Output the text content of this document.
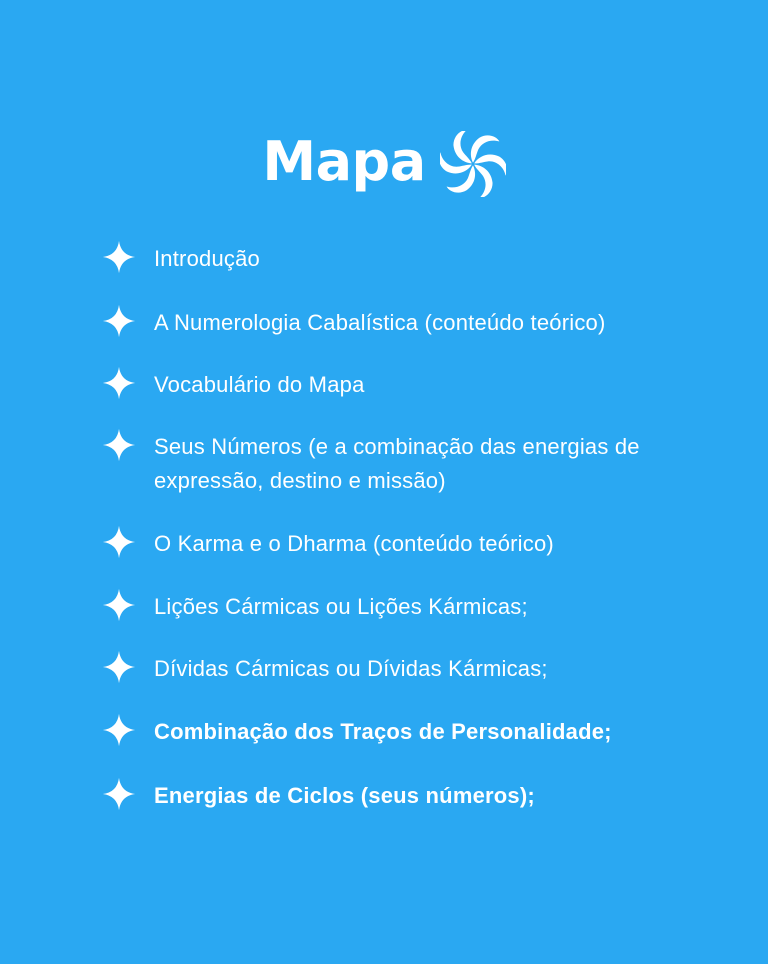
Mapa
Introdução
A Numerologia Cabalística (conteúdo teórico)
Vocabulário do Mapa
Seus Números (e a combinação das energias de expressão, destino e missão)
O Karma e o Dharma (conteúdo teórico)
Lições Cármicas ou Lições Kármicas;
Dívidas Cármicas ou Dívidas Kármicas;
Combinação dos Traços de Personalidade;
Energias de Ciclos (seus números);
